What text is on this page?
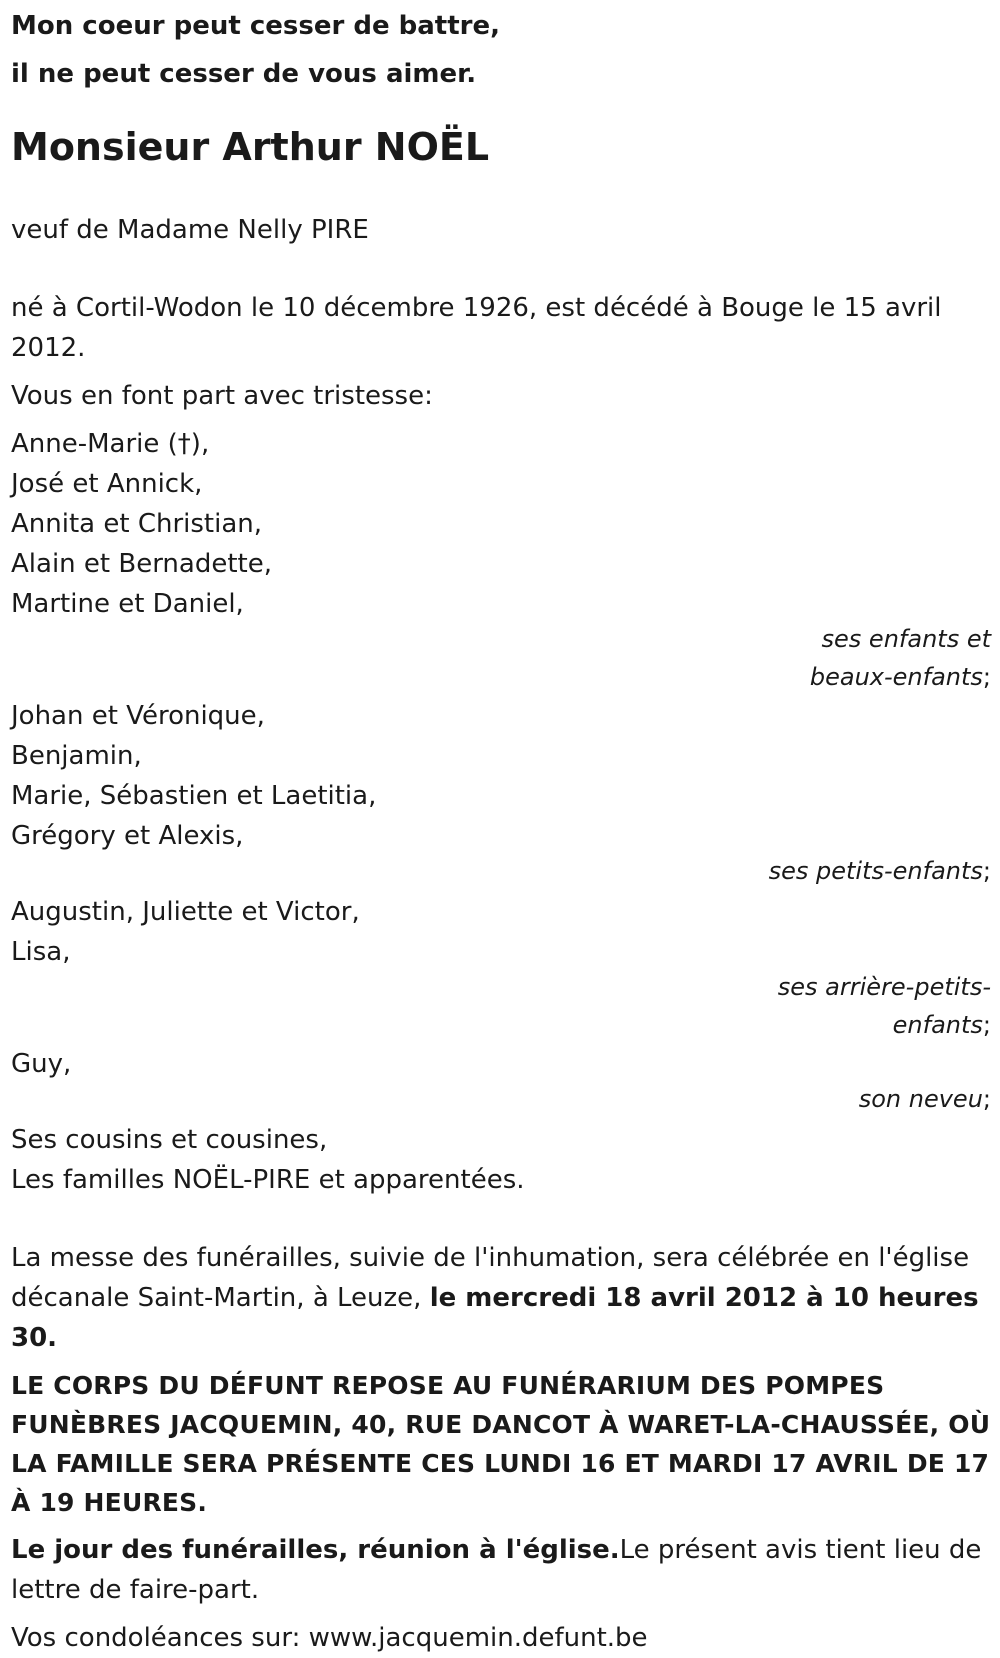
Mon coeur peut cesser de battre,

il ne peut cesser de vous aimer.

Monsieur Arthur NOËL

veuf de Madame Nelly PIRE

né à Cortil-Wodon le 10 décembre 1926, est décédé à Bouge le 15 avril 2012.

Vous en font part avec tristesse:

Anne-Marie (†),
José et Annick,
Annita et Christian,
Alain et Bernadette,
Martine et Daniel,

ses enfants et beaux-enfants;

Johan et Véronique,
Benjamin,
Marie, Sébastien et Laetitia,
Grégory et Alexis,

ses petits-enfants;

Augustin, Juliette et Victor,
Lisa,

ses arrière-petits-enfants;

Guy,

son neveu;

Ses cousins et cousines,
Les familles NOËL-PIRE et apparentées.

La messe des funérailles, suivie de l'inhumation, sera célébrée en l'église décanale Saint-Martin, à Leuze, le mercredi 18 avril 2012 à 10 heures 30.

LE CORPS DU DÉFUNT REPOSE AU FUNÉRARIUM DES POMPES FUNÈBRES JACQUEMIN, 40, RUE DANCOT À WARET-LA-CHAUSSÉE, OÙ LA FAMILLE SERA PRÉSENTE CES LUNDI 16 ET MARDI 17 AVRIL DE 17 À 19 HEURES.

Le jour des funérailles, réunion à l'église.Le présent avis tient lieu de lettre de faire-part.

Vos condoléances sur: www.jacquemin.defunt.be
